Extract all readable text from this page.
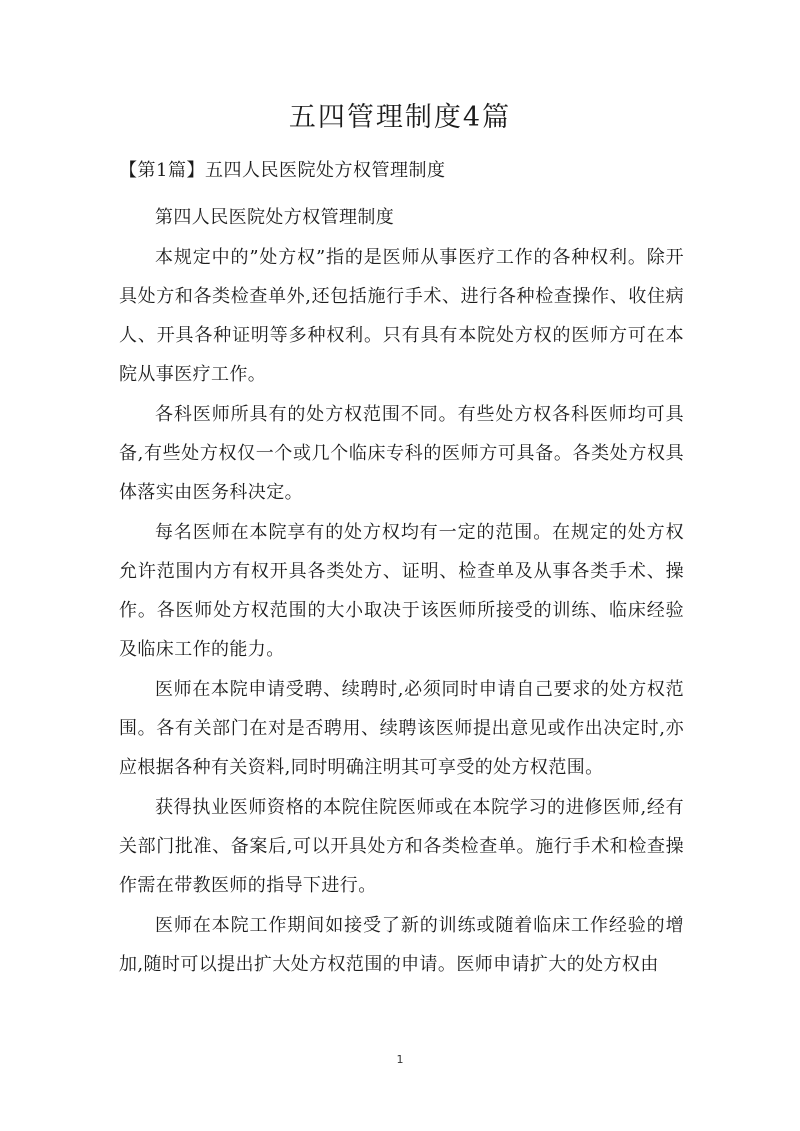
五四管理制度4篇
【第1篇】五四人民医院处方权管理制度

第四人民医院处方权管理制度

本规定中的”处方权”指的是医师从事医疗工作的各种权利。除开具处方和各类检查单外,还包括施行手术、进行各种检查操作、收住病人、开具各种证明等多种权利。只有具有本院处方权的医师方可在本院从事医疗工作。

各科医师所具有的处方权范围不同。有些处方权各科医师均可具备,有些处方权仅一个或几个临床专科的医师方可具备。各类处方权具体落实由医务科决定。

每名医师在本院享有的处方权均有一定的范围。在规定的处方权允许范围内方有权开具各类处方、证明、检查单及从事各类手术、操作。各医师处方权范围的大小取决于该医师所接受的训练、临床经验及临床工作的能力。

医师在本院申请受聘、续聘时,必须同时申请自己要求的处方权范围。各有关部门在对是否聘用、续聘该医师提出意见或作出决定时,亦应根据各种有关资料,同时明确注明其可享受的处方权范围。

获得执业医师资格的本院住院医师或在本院学习的进修医师,经有关部门批准、备案后,可以开具处方和各类检查单。施行手术和检查操作需在带教医师的指导下进行。

医师在本院工作期间如接受了新的训练或随着临床工作经验的增加,随时可以提出扩大处方权范围的申请。医师申请扩大的处方权由

1
